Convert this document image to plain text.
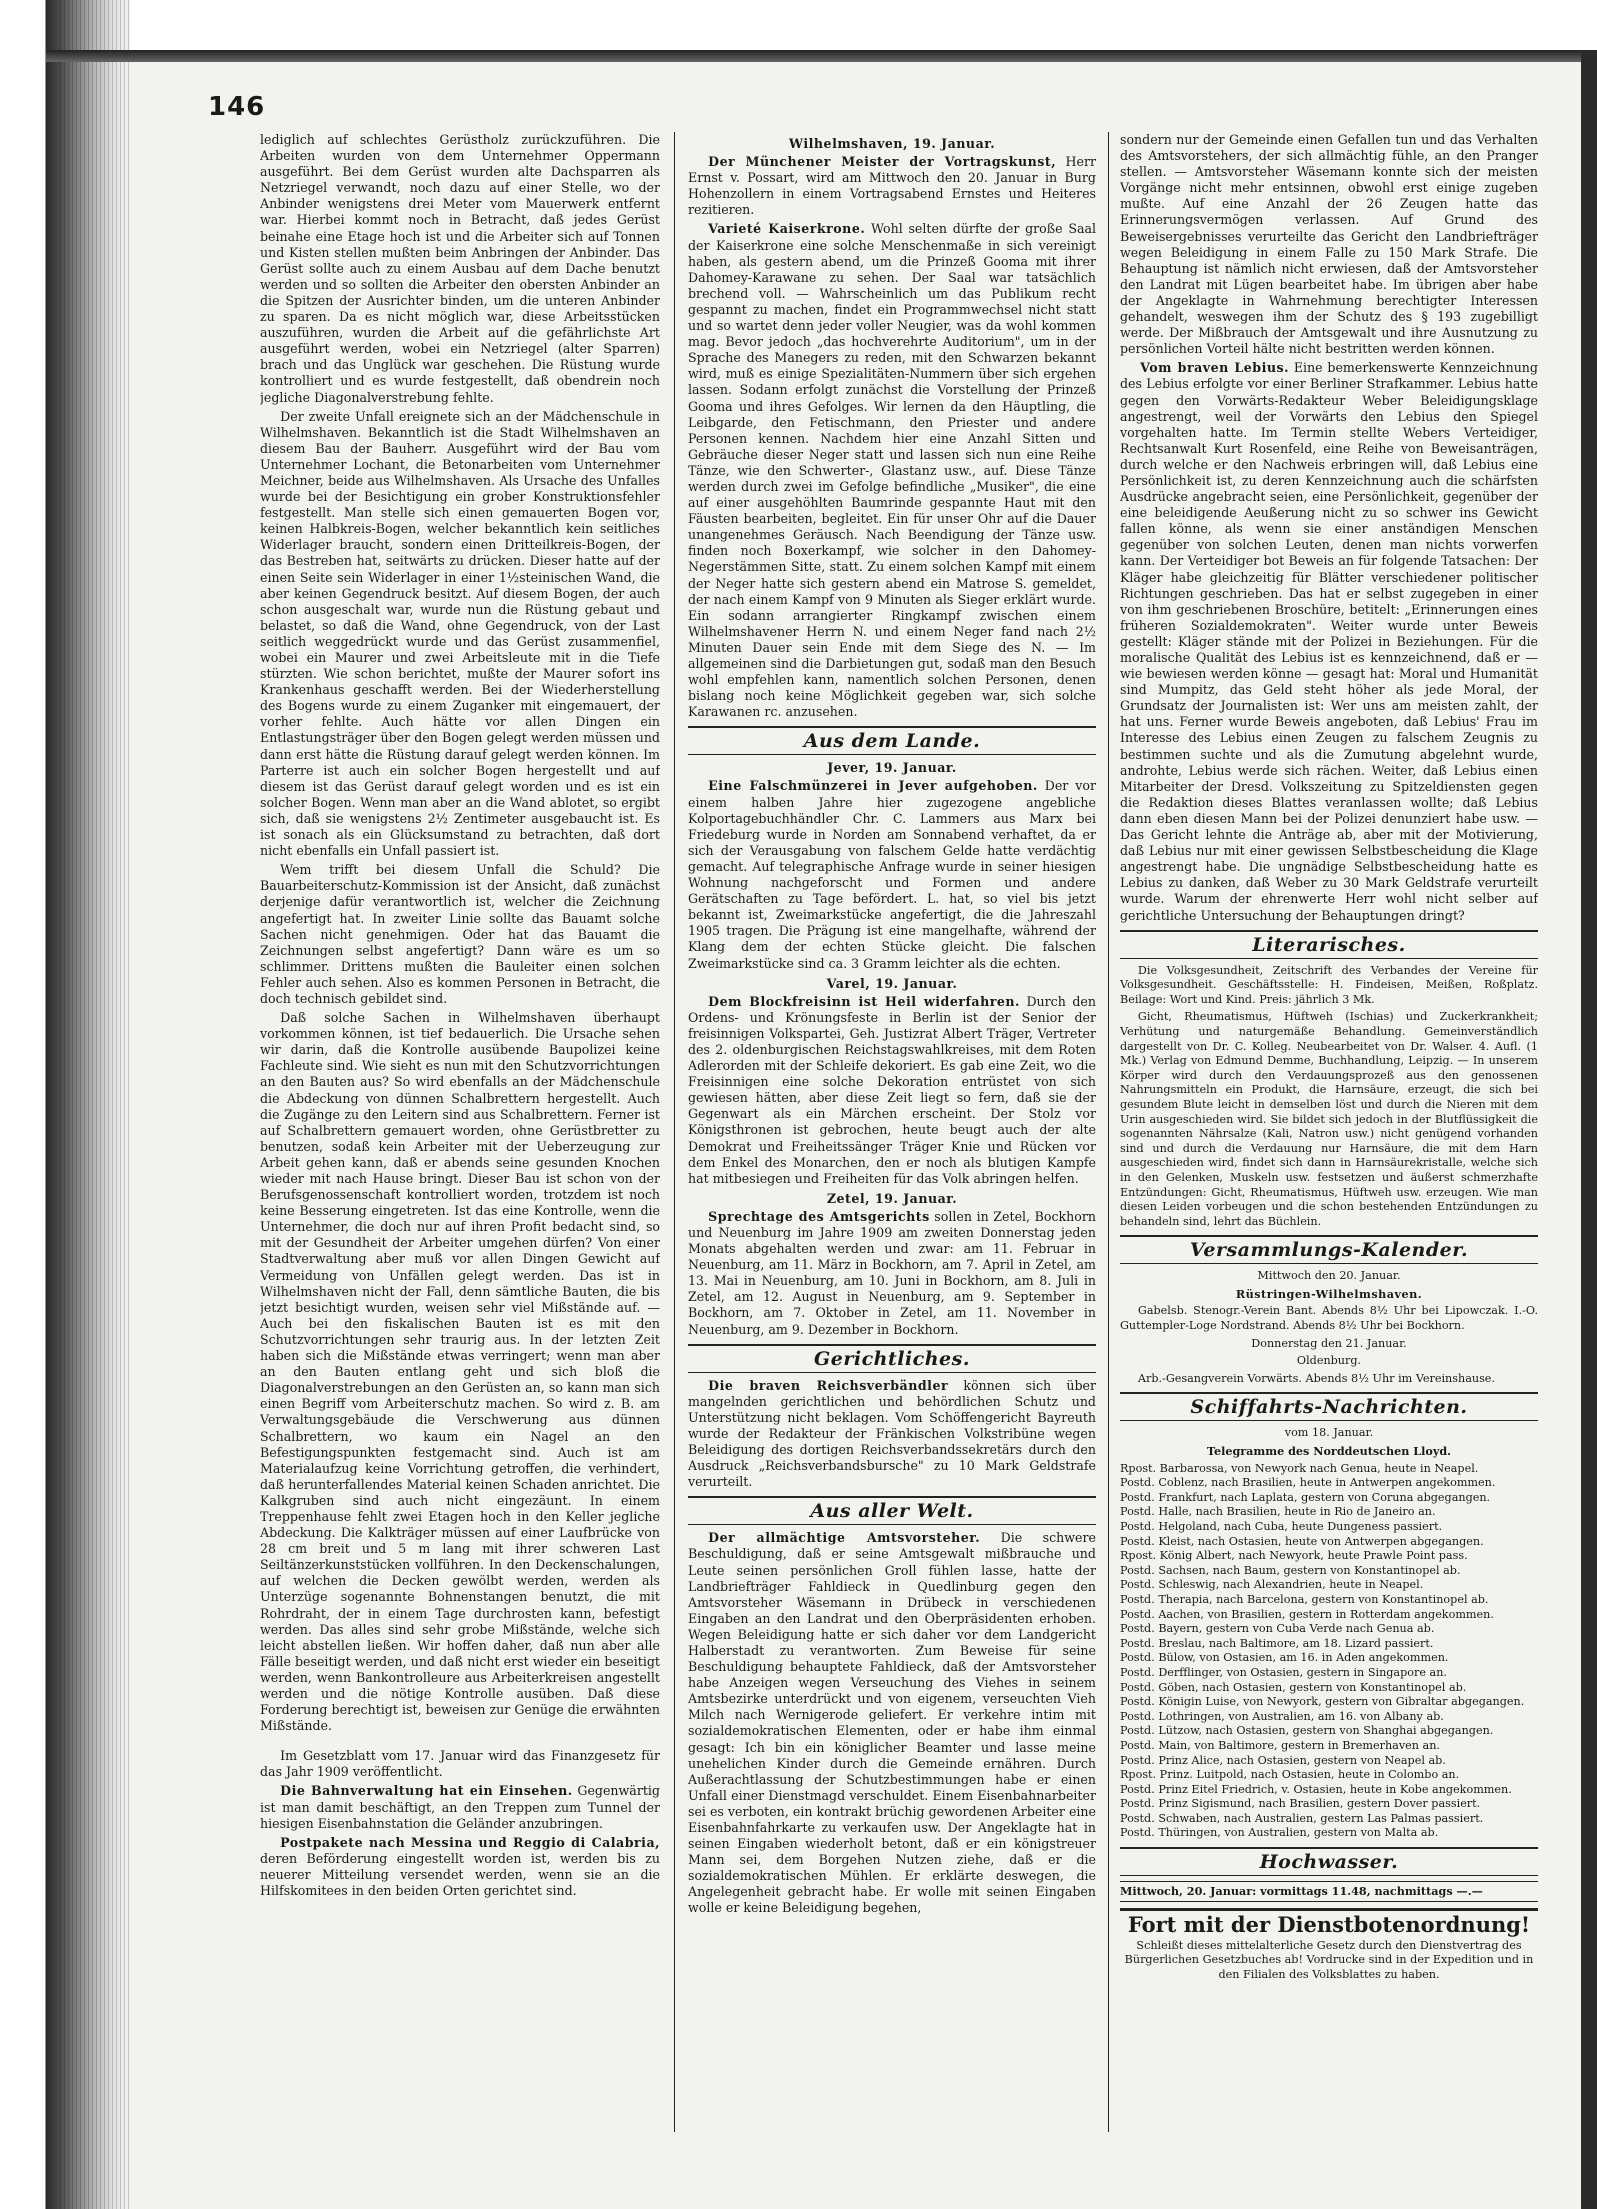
146

lediglich auf schlechtes Gerüstholz zurückzuführen. Die Arbeiten wurden von dem Unternehmer Oppermann ausgeführt. Bei dem Gerüst wurden alte Dachsparren als Netzriegel verwandt, noch dazu auf einer Stelle, wo der Anbinder wenigstens drei Meter vom Mauerwerk entfernt war. Hierbei kommt noch in Betracht, daß jedes Gerüst beinahe eine Etage hoch ist und die Arbeiter sich auf Tonnen und Kisten stellen mußten beim Anbringen der Anbinder. Das Gerüst sollte auch zu einem Ausbau auf dem Dache benutzt werden und so sollten die Arbeiter den obersten Anbinder an die Spitzen der Ausrichter binden, um die unteren Anbinder zu sparen. Da es nicht möglich war, diese Arbeitsstücken auszuführen, wurden die Arbeit auf die gefährlichste Art ausgeführt werden, wobei ein Netzriegel (alter Sparren) brach und das Unglück war geschehen. Die Rüstung wurde kontrolliert und es wurde festgestellt, daß obendrein noch jegliche Diagonalverstrebung fehlte.

Der zweite Unfall ereignete sich an der Mädchenschule in Wilhelmshaven. Bekanntlich ist die Stadt Wilhelmshaven an diesem Bau der Bauherr. Ausgeführt wird der Bau vom Unternehmer Lochant, die Betonarbeiten vom Unternehmer Meichner, beide aus Wilhelmshaven. Als Ursache des Unfalles wurde bei der Besichtigung ein grober Konstruktionsfehler festgestellt. Man stelle sich einen gemauerten Bogen vor, keinen Halbkreis-Bogen, welcher bekanntlich kein seitliches Widerlager braucht, sondern einen Dritteilkreis-Bogen, der das Bestreben hat, seitwärts zu drücken. Dieser hatte auf der einen Seite sein Widerlager in einer 1½steinischen Wand, die aber keinen Gegendruck besitzt. Auf diesem Bogen, der auch schon ausgeschalt war, wurde nun die Rüstung gebaut und belastet, so daß die Wand, ohne Gegendruck, von der Last seitlich weggedrückt wurde und das Gerüst zusammenfiel, wobei ein Maurer und zwei Arbeitsleute mit in die Tiefe stürzten. Wie schon berichtet, mußte der Maurer sofort ins Krankenhaus geschafft werden. Bei der Wiederherstellung des Bogens wurde zu einem Zuganker mit eingemauert, der vorher fehlte. Auch hätte vor allen Dingen ein Entlastungsträger über den Bogen gelegt werden müssen und dann erst hätte die Rüstung darauf gelegt werden können. Im Parterre ist auch ein solcher Bogen hergestellt und auf diesem ist das Gerüst darauf gelegt worden und es ist ein solcher Bogen. Wenn man aber an die Wand ablotet, so ergibt sich, daß sie wenigstens 2½ Zentimeter ausgebaucht ist. Es ist sonach als ein Glücksumstand zu betrachten, daß dort nicht ebenfalls ein Unfall passiert ist.

Wem trifft bei diesem Unfall die Schuld? Die Bauarbeiterschutz-Kommission ist der Ansicht, daß zunächst derjenige dafür verantwortlich ist, welcher die Zeichnung angefertigt hat. In zweiter Linie sollte das Bauamt solche Sachen nicht genehmigen. Oder hat das Bauamt die Zeichnungen selbst angefertigt? Dann wäre es um so schlimmer. Drittens mußten die Bauleiter einen solchen Fehler auch sehen. Also es kommen Personen in Betracht, die doch technisch gebildet sind.

Daß solche Sachen in Wilhelmshaven überhaupt vorkommen können, ist tief bedauerlich. Die Ursache sehen wir darin, daß die Kontrolle ausübende Baupolizei keine Fachleute sind. Wie sieht es nun mit den Schutzvorrichtungen an den Bauten aus? So wird ebenfalls an der Mädchenschule die Abdeckung von dünnen Schalbrettern hergestellt. Auch die Zugänge zu den Leitern sind aus Schalbrettern. Ferner ist auf Schalbrettern gemauert worden, ohne Gerüstbretter zu benutzen, sodaß kein Arbeiter mit der Ueberzeugung zur Arbeit gehen kann, daß er abends seine gesunden Knochen wieder mit nach Hause bringt. Dieser Bau ist schon von der Berufsgenossenschaft kontrolliert worden, trotzdem ist noch keine Besserung eingetreten. Ist das eine Kontrolle, wenn die Unternehmer, die doch nur auf ihren Profit bedacht sind, so mit der Gesundheit der Arbeiter umgehen dürfen? Von einer Stadtverwaltung aber muß vor allen Dingen Gewicht auf Vermeidung von Unfällen gelegt werden. Das ist in Wilhelmshaven nicht der Fall, denn sämtliche Bauten, die bis jetzt besichtigt wurden, weisen sehr viel Mißstände auf. — Auch bei den fiskalischen Bauten ist es mit den Schutzvorrichtungen sehr traurig aus. In der letzten Zeit haben sich die Mißstände etwas verringert; wenn man aber an den Bauten entlang geht und sich bloß die Diagonalverstrebungen an den Gerüsten an, so kann man sich einen Begriff vom Arbeiterschutz machen. So wird z. B. am Verwaltungsgebäude die Verschwerung aus dünnen Schalbrettern, wo kaum ein Nagel an den Befestigungspunkten festgemacht sind. Auch ist am Materialaufzug keine Vorrichtung getroffen, die verhindert, daß herunterfallendes Material keinen Schaden anrichtet. Die Kalkgruben sind auch nicht eingezäunt. In einem Treppenhause fehlt zwei Etagen hoch in den Keller jegliche Abdeckung. Die Kalkträger müssen auf einer Laufbrücke von 28 cm breit und 5 m lang mit ihrer schweren Last Seiltänzerkunststücken vollführen. In den Deckenschalungen, auf welchen die Decken gewölbt werden, werden als Unterzüge sogenannte Bohnenstangen benutzt, die mit Rohrdraht, der in einem Tage durchrosten kann, befestigt werden. Das alles sind sehr grobe Mißstände, welche sich leicht abstellen ließen. Wir hoffen daher, daß nun aber alle Fälle beseitigt werden, und daß nicht erst wieder ein beseitigt werden, wenn Bankontrolleure aus Arbeiterkreisen angestellt werden und die nötige Kontrolle ausüben. Daß diese Forderung berechtigt ist, beweisen zur Genüge die erwähnten Mißstände.

Im Gesetzblatt vom 17. Januar wird das Finanzgesetz für das Jahr 1909 veröffentlicht.

Die Bahnverwaltung hat ein Einsehen. Gegenwärtig ist man damit beschäftigt, an den Treppen zum Tunnel der hiesigen Eisenbahnstation die Geländer anzubringen.

Postpakete nach Messina und Reggio di Calabria, deren Beförderung eingestellt worden ist, werden bis zu neuerer Mitteilung versendet werden, wenn sie an die Hilfskomitees in den beiden Orten gerichtet sind.

Wilhelmshaven, 19. Januar.

Der Münchener Meister der Vortragskunst, Herr Ernst v. Possart, wird am Mittwoch den 20. Januar in Burg Hohenzollern in einem Vortragsabend Ernstes und Heiteres rezitieren.

Varieté Kaiserkrone. Wohl selten dürfte der große Saal der Kaiserkrone eine solche Menschenmaße in sich vereinigt haben, als gestern abend, um die Prinzeß Gooma mit ihrer Dahomey-Karawane zu sehen. Der Saal war tatsächlich brechend voll. — Wahrscheinlich um das Publikum recht gespannt zu machen, findet ein Programmwechsel nicht statt und so wartet denn jeder voller Neugier, was da wohl kommen mag. Bevor jedoch „das hochverehrte Auditorium", um in der Sprache des Manegers zu reden, mit den Schwarzen bekannt wird, muß es einige Spezialitäten-Nummern über sich ergehen lassen. Sodann erfolgt zunächst die Vorstellung der Prinzeß Gooma und ihres Gefolges. Wir lernen da den Häuptling, die Leibgarde, den Fetischmann, den Priester und andere Personen kennen. Nachdem hier eine Anzahl Sitten und Gebräuche dieser Neger statt und lassen sich nun eine Reihe Tänze, wie den Schwerter-, Glastanz usw., auf. Diese Tänze werden durch zwei im Gefolge befindliche „Musiker", die eine auf einer ausgehöhlten Baumrinde gespannte Haut mit den Fäusten bearbeiten, begleitet. Ein für unser Ohr auf die Dauer unangenehmes Geräusch. Nach Beendigung der Tänze usw. finden noch Boxerkampf, wie solcher in den Dahomey-Negerstämmen Sitte, statt. Zu einem solchen Kampf mit einem der Neger hatte sich gestern abend ein Matrose S. gemeldet, der nach einem Kampf von 9 Minuten als Sieger erklärt wurde. Ein sodann arrangierter Ringkampf zwischen einem Wilhelmshavener Herrn N. und einem Neger fand nach 2½ Minuten Dauer sein Ende mit dem Siege des N. — Im allgemeinen sind die Darbietungen gut, sodaß man den Besuch wohl empfehlen kann, namentlich solchen Personen, denen bislang noch keine Möglichkeit gegeben war, sich solche Karawanen rc. anzusehen.

Aus dem Lande.

Jever, 19. Januar.

Eine Falschmünzerei in Jever aufgehoben. Der vor einem halben Jahre hier zugezogene angebliche Kolportagebuchhändler Chr. C. Lammers aus Marx bei Friedeburg wurde in Norden am Sonnabend verhaftet, da er sich der Verausgabung von falschem Gelde hatte verdächtig gemacht. Auf telegraphische Anfrage wurde in seiner hiesigen Wohnung nachgeforscht und Formen und andere Gerätschaften zu Tage befördert. L. hat, so viel bis jetzt bekannt ist, Zweimarkstücke angefertigt, die die Jahreszahl 1905 tragen. Die Prägung ist eine mangelhafte, während der Klang dem der echten Stücke gleicht. Die falschen Zweimarkstücke sind ca. 3 Gramm leichter als die echten.

Varel, 19. Januar.

Dem Blockfreisinn ist Heil widerfahren. Durch den Ordens- und Krönungsfeste in Berlin ist der Senior der freisinnigen Volkspartei, Geh. Justizrat Albert Träger, Vertreter des 2. oldenburgischen Reichstagswahlkreises, mit dem Roten Adlerorden mit der Schleife dekoriert. Es gab eine Zeit, wo die Freisinnigen eine solche Dekoration entrüstet von sich gewiesen hätten, aber diese Zeit liegt so fern, daß sie der Gegenwart als ein Märchen erscheint. Der Stolz vor Königsthronen ist gebrochen, heute beugt auch der alte Demokrat und Freiheitssänger Träger Knie und Rücken vor dem Enkel des Monarchen, den er noch als blutigen Kampfe hat mitbesiegen und Freiheiten für das Volk abringen helfen.

Zetel, 19. Januar.

Sprechtage des Amtsgerichts sollen in Zetel, Bockhorn und Neuenburg im Jahre 1909 am zweiten Donnerstag jeden Monats abgehalten werden und zwar: am 11. Februar in Neuenburg, am 11. März in Bockhorn, am 7. April in Zetel, am 13. Mai in Neuenburg, am 10. Juni in Bockhorn, am 8. Juli in Zetel, am 12. August in Neuenburg, am 9. September in Bockhorn, am 7. Oktober in Zetel, am 11. November in Neuenburg, am 9. Dezember in Bockhorn.

Gerichtliches.

Die braven Reichsverbändler können sich über mangelnden gerichtlichen und behördlichen Schutz und Unterstützung nicht beklagen. Vom Schöffengericht Bayreuth wurde der Redakteur der Fränkischen Volkstribüne wegen Beleidigung des dortigen Reichsverbandssekretärs durch den Ausdruck „Reichsverbandsbursche" zu 10 Mark Geldstrafe verurteilt.

Aus aller Welt.

Der allmächtige Amtsvorsteher. Die schwere Beschuldigung, daß er seine Amtsgewalt mißbrauche und Leute seinen persönlichen Groll fühlen lasse, hatte der Landbriefträger Fahldieck in Quedlinburg gegen den Amtsvorsteher Wäsemann in Drübeck in verschiedenen Eingaben an den Landrat und den Oberpräsidenten erhoben. Wegen Beleidigung hatte er sich daher vor dem Landgericht Halberstadt zu verantworten. Zum Beweise für seine Beschuldigung behauptete Fahldieck, daß der Amtsvorsteher habe Anzeigen wegen Verseuchung des Viehes in seinem Amtsbezirke unterdrückt und von eigenem, verseuchten Vieh Milch nach Wernigerode geliefert. Er verkehre intim mit sozialdemokratischen Elementen, oder er habe ihm einmal gesagt: Ich bin ein königlicher Beamter und lasse meine unehelichen Kinder durch die Gemeinde ernähren. Durch Außerachtlassung der Schutzbestimmungen habe er einen Unfall einer Dienstmagd verschuldet. Einem Eisenbahnarbeiter sei es verboten, ein kontrakt brüchig gewordenen Arbeiter eine Eisenbahnfahrkarte zu verkaufen usw. Der Angeklagte hat in seinen Eingaben wiederholt betont, daß er ein königstreuer Mann sei, dem Borgehen Nutzen ziehe, daß er die sozialdemokratischen Mühlen. Er erklärte deswegen, die Angelegenheit gebracht habe. Er wolle mit seinen Eingaben wolle er keine Beleidigung begehen,

sondern nur der Gemeinde einen Gefallen tun und das Verhalten des Amtsvorstehers, der sich allmächtig fühle, an den Pranger stellen. — Amtsvorsteher Wäsemann konnte sich der meisten Vorgänge nicht mehr entsinnen, obwohl erst einige zugeben mußte. Auf eine Anzahl der 26 Zeugen hatte das Erinnerungsvermögen verlassen. Auf Grund des Beweisergebnisses verurteilte das Gericht den Landbriefträger wegen Beleidigung in einem Falle zu 150 Mark Strafe. Die Behauptung ist nämlich nicht erwiesen, daß der Amtsvorsteher den Landrat mit Lügen bearbeitet habe. Im übrigen aber habe der Angeklagte in Wahrnehmung berechtigter Interessen gehandelt, weswegen ihm der Schutz des § 193 zugebilligt werde. Der Mißbrauch der Amtsgewalt und ihre Ausnutzung zu persönlichen Vorteil hälte nicht bestritten werden können.

Vom braven Lebius. Eine bemerkenswerte Kennzeichnung des Lebius erfolgte vor einer Berliner Strafkammer. Lebius hatte gegen den Vorwärts-Redakteur Weber Beleidigungsklage angestrengt, weil der Vorwärts den Lebius den Spiegel vorgehalten hatte. Im Termin stellte Webers Verteidiger, Rechtsanwalt Kurt Rosenfeld, eine Reihe von Beweisanträgen, durch welche er den Nachweis erbringen will, daß Lebius eine Persönlichkeit ist, zu deren Kennzeichnung auch die schärfsten Ausdrücke angebracht seien, eine Persönlichkeit, gegenüber der eine beleidigende Aeußerung nicht zu so schwer ins Gewicht fallen könne, als wenn sie einer anständigen Menschen gegenüber von solchen Leuten, denen man nichts vorwerfen kann. Der Verteidiger bot Beweis an für folgende Tatsachen: Der Kläger habe gleichzeitig für Blätter verschiedener politischer Richtungen geschrieben. Das hat er selbst zugegeben in einer von ihm geschriebenen Broschüre, betitelt: „Erinnerungen eines früheren Sozialdemokraten". Weiter wurde unter Beweis gestellt: Kläger stände mit der Polizei in Beziehungen. Für die moralische Qualität des Lebius ist es kennzeichnend, daß er — wie bewiesen werden könne — gesagt hat: Moral und Humanität sind Mumpitz, das Geld steht höher als jede Moral, der Grundsatz der Journalisten ist: Wer uns am meisten zahlt, der hat uns. Ferner wurde Beweis angeboten, daß Lebius' Frau im Interesse des Lebius einen Zeugen zu falschem Zeugnis zu bestimmen suchte und als die Zumutung abgelehnt wurde, androhte, Lebius werde sich rächen. Weiter, daß Lebius einen Mitarbeiter der Dresd. Volkszeitung zu Spitzeldiensten gegen die Redaktion dieses Blattes veranlassen wollte; daß Lebius dann eben diesen Mann bei der Polizei denunziert habe usw. — Das Gericht lehnte die Anträge ab, aber mit der Motivierung, daß Lebius nur mit einer gewissen Selbstbescheidung die Klage angestrengt habe. Die ungnädige Selbstbescheidung hatte es Lebius zu danken, daß Weber zu 30 Mark Geldstrafe verurteilt wurde. Warum der ehrenwerte Herr wohl nicht selber auf gerichtliche Untersuchung der Behauptungen dringt?

Literarisches.

Die Volksgesundheit, Zeitschrift des Verbandes der Vereine für Volksgesundheit. Geschäftsstelle: H. Findeisen, Meißen, Roßplatz. Beilage: Wort und Kind. Preis: jährlich 3 Mk.

Gicht, Rheumatismus, Hüftweh (Ischias) und Zuckerkrankheit; Verhütung und naturgemäße Behandlung. Gemeinverständlich dargestellt von Dr. C. Kolleg. Neubearbeitet von Dr. Walser. 4. Aufl. (1 Mk.) Verlag von Edmund Demme, Buchhandlung, Leipzig. — In unserem Körper wird durch den Verdauungsprozeß aus den genossenen Nahrungsmitteln ein Produkt, die Harnsäure, erzeugt, die sich bei gesundem Blute leicht in demselben löst und durch die Nieren mit dem Urin ausgeschieden wird. Sie bildet sich jedoch in der Blutflüssigkeit die sogenannten Nährsalze (Kali, Natron usw.) nicht genügend vorhanden sind und durch die Verdauung nur Harnsäure, die mit dem Harn ausgeschieden wird, findet sich dann in Harnsäurekristalle, welche sich in den Gelenken, Muskeln usw. festsetzen und äußerst schmerzhafte Entzündungen: Gicht, Rheumatismus, Hüftweh usw. erzeugen. Wie man diesen Leiden vorbeugen und die schon bestehenden Entzündungen zu behandeln sind, lehrt das Büchlein.

Versammlungs-Kalender.

Mittwoch den 20. Januar.

Rüstringen-Wilhelmshaven.

Gabelsb. Stenogr.-Verein Bant. Abends 8½ Uhr bei Lipowczak. I.-O. Guttempler-Loge Nordstrand. Abends 8½ Uhr bei Bockhorn.

Donnerstag den 21. Januar.

Oldenburg.

Arb.-Gesangverein Vorwärts. Abends 8½ Uhr im Vereinshause.

Schiffahrts-Nachrichten.

vom 18. Januar.

Telegramme des Norddeutschen Lloyd.

Rpost. Barbarossa, von Newyork nach Genua, heute in Neapel.
Postd. Coblenz, nach Brasilien, heute in Antwerpen angekommen.
Postd. Frankfurt, nach Laplata, gestern von Coruna abgegangen.
Postd. Halle, nach Brasilien, heute in Rio de Janeiro an.
Postd. Helgoland, nach Cuba, heute Dungeness passiert.
Postd. Kleist, nach Ostasien, heute von Antwerpen abgegangen.
Rpost. König Albert, nach Newyork, heute Prawle Point pass.
Postd. Sachsen, nach Baum, gestern von Konstantinopel ab.
Postd. Schleswig, nach Alexandrien, heute in Neapel.
Postd. Therapia, nach Barcelona, gestern von Konstantinopel ab.
Postd. Aachen, von Brasilien, gestern in Rotterdam angekommen.
Postd. Bayern, gestern von Cuba Verde nach Genua ab.
Postd. Breslau, nach Baltimore, am 18. Lizard passiert.
Postd. Bülow, von Ostasien, am 16. in Aden angekommen.
Postd. Derfflinger, von Ostasien, gestern in Singapore an.
Postd. Göben, nach Ostasien, gestern von Konstantinopel ab.
Postd. Königin Luise, von Newyork, gestern von Gibraltar abgegangen.
Postd. Lothringen, von Australien, am 16. von Albany ab.
Postd. Lützow, nach Ostasien, gestern von Shanghai abgegangen.
Postd. Main, von Baltimore, gestern in Bremerhaven an.
Postd. Prinz Alice, nach Ostasien, gestern von Neapel ab.
Rpost. Prinz. Luitpold, nach Ostasien, heute in Colombo an.
Postd. Prinz Eitel Friedrich, v. Ostasien, heute in Kobe angekommen.
Postd. Prinz Sigismund, nach Brasilien, gestern Dover passiert.
Postd. Schwaben, nach Australien, gestern Las Palmas passiert.
Postd. Thüringen, von Australien, gestern von Malta ab.
Hochwasser.

Mittwoch, 20. Januar: vormittags 11.48, nachmittags —.—

Fort mit der Dienstbotenordnung!

Schleißt dieses mittelalterliche Gesetz durch den Dienstvertrag des Bürgerlichen Gesetzbuches ab! Vordrucke sind in der Expedition und in den Filialen des Volksblattes zu haben.
